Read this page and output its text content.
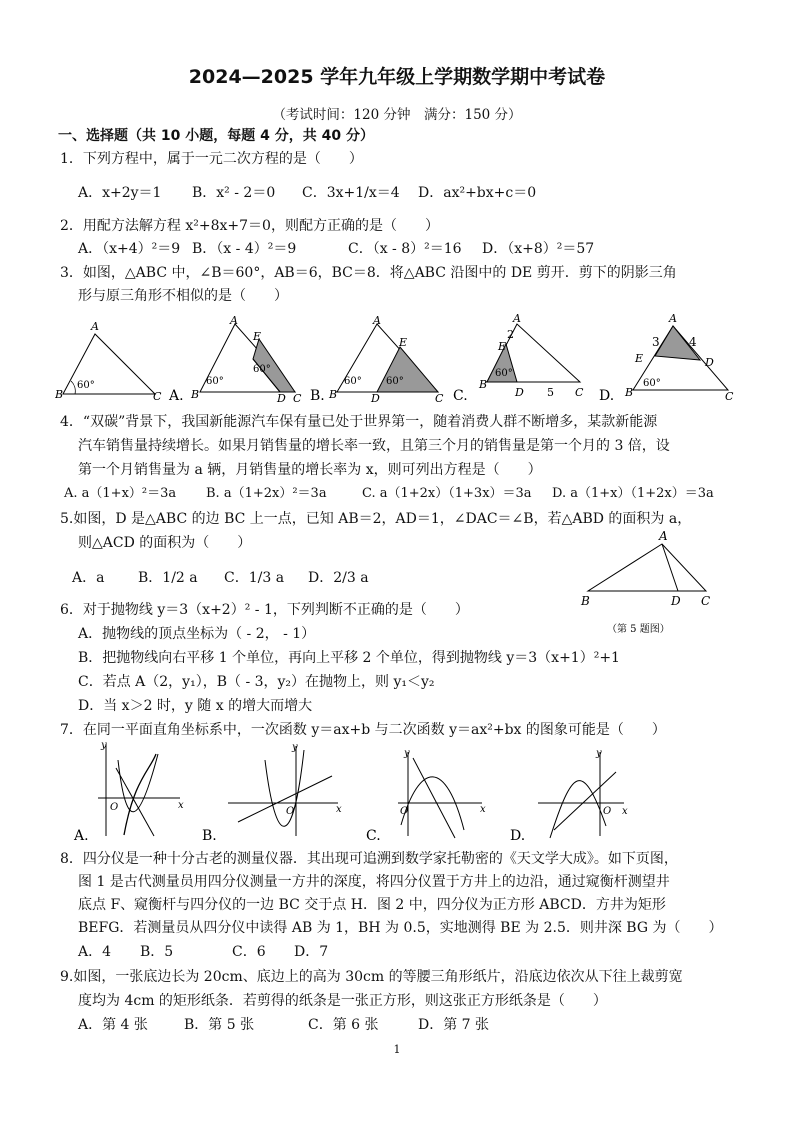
2024—2025 学年九年级上学期数学期中考试卷
（考试时间：120 分钟　满分：150 分）
一、选择题（共 10 小题，每题 4 分，共 40 分）
1．下列方程中，属于一元二次方程的是（　　）
A．x+2y＝1 B．x² - 2＝0 C．3x+1/x＝4 D．ax²+bx+c＝0
2．用配方法解方程 x²+8x+7＝0，则配方正确的是（　　）
A．（x+4）²＝9 B．（x - 4）²＝9	C．（x - 8）²＝16 D．（x+8）²＝57
3．如图，△ABC 中，∠B＝60°，AB＝6，BC＝8．将△ABC 沿图中的 DE 剪开．剪下的阴影三角
形与原三角形不相似的是（　　）
A
B	C
60°
A.
A
E
D C
B
60°
60°
B.
A
E
B	D	C
60° 60°
C.
A
2
E
B
D 5 C
60°
D.
A
3 4
E	D
B	C
60°
4．“双碳”背景下，我国新能源汽车保有量已处于世界第一，随着消费人群不断增多，某款新能源
汽车销售量持续增长。如果月销售量的增长率一致，且第三个月的销售量是第一个月的 3 倍，设
第一个月销售量为 a 辆，月销售量的增长率为 x，则可列出方程是（　　）
A. a（1+x）²＝3a B. a（1+2x）²＝3a	C. a（1+2x）（1+3x）＝3a D. a（1+x）（1+2x）＝3a
5.如图，D 是△ABC 的边 BC 上一点，已知 AB＝2，AD＝1，∠DAC＝∠B，若△ABD 的面积为 a，
则△ACD 的面积为（　　）
A．a B．1/2 a C．1/3 a D．2/3 a
A
B	D C
（第 5 题图）
6．对于抛物线 y＝3（x+2）² - 1，下列判断不正确的是（　　）
A．抛物线的顶点坐标为（ - 2， - 1）
B．把抛物线向右平移 1 个单位，再向上平移 2 个单位，得到抛物线 y＝3（x+1）²+1
C．若点 A（2，y₁），B（ - 3，y₂）在抛物上，则 y₁＜y₂
D．当 x＞2 时，y 随 x 的增大而增大
7．在同一平面直角坐标系中，一次函数 y＝ax+b 与二次函数 y＝ax²+bx 的图象可能是（　　）
y
x
O
y
x
O
y
x
O
y
x
O
A.	B.	C.	D.
8．四分仪是一种十分古老的测量仪器．其出现可追溯到数学家托勒密的《天文学大成》。如下页图，
图 1 是古代测量员用四分仪测量一方井的深度，将四分仪置于方井上的边沿，通过窥衡杆测望井
底点 F、窥衡杆与四分仪的一边 BC 交于点 H．图 2 中，四分仪为正方形 ABCD．方井为矩形
BEFG．若测量员从四分仪中读得 AB 为 1，BH 为 0.5，实地测得 BE 为 2.5．则井深 BG 为（　　）
A．4 B．5	C．6 D．7
9.如图，一张底边长为 20cm、底边上的高为 30cm 的等腰三角形纸片，沿底边依次从下往上裁剪宽
度均为 4cm 的矩形纸条．若剪得的纸条是一张正方形，则这张正方形纸条是（　　）
A．第 4 张	B．第 5 张	C．第 6 张	D．第 7 张
1
